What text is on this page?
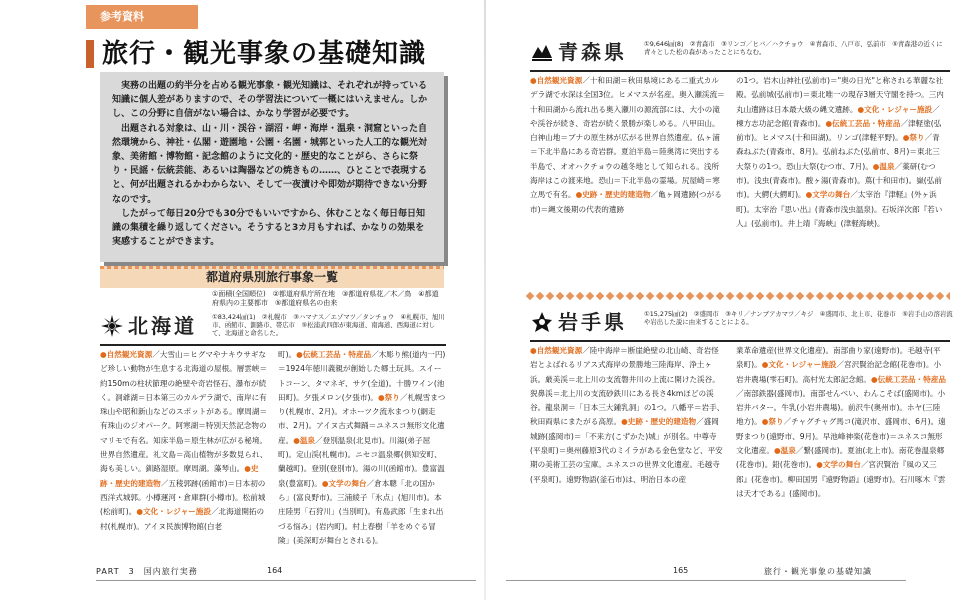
参考資料
旅行・観光事象の基礎知識

実務の出題の約半分を占める観光事象・観光知識は、それぞれが持っている知識に個人差がありますので、その学習法について一概にはいえません。しかし、この分野に自信がない場合は、かなり学習が必要です。

出題される対象は、山・川・渓谷・湖沼・岬・海岸・温泉・洞窟といった自然環境から、神社・仏閣・遊園地・公園・名園・城郭といった人工的な観光対象、美術館・博物館・記念館のように文化的・歴史的なことがら、さらに祭り・民謡・伝統芸能、あるいは陶器などの焼きもの……、ひとことで表現すると、何が出題されるかわからない、そして一夜漬けや即効が期待できない分野なのです。

したがって毎日20分でも30分でもいいですから、休むことなく毎日毎日知識の集積を繰り返してください。そうすると3カ月もすれば、かなりの効果を実感することができます。

都道府県別旅行事象一覧
①面積(全国順位)　②都道府県庁所在地　③都道府県花／木／鳥　④都道府県内の主要都市　⑤都道府県名の由来
北海道 ①83,424㎢(1)　②札幌市　③ハマナス／エゾマツ／タンチョウ　④札幌市、旭川市、函館市、釧路市、帯広市　⑤松浦武四郎が東海道、南海道、西海道に対して、北海道と命名した。
●自然観光資源／大雪山＝ヒグマやナキウサギなど珍しい動物が生息する北海道の屋根。層雲峡＝約150mの柱状節理の絶壁や奇岩怪石、瀑布が続く。洞爺湖＝日本第三のカルデラ湖で、南岸に有珠山や昭和新山などのスポットがある。摩周湖＝有珠山のジオパーク。阿寒湖＝特別天然記念物のマリモで有名。知床半島＝原生林が広がる秘境。世界自然遺産。礼文島＝高山植物が多数見られ、海も美しい。釧路湿原。摩周湖。藻琴山。●史跡・歴史的建造物／五稜郭跡(函館市)＝日本初の西洋式城郭。小樽運河・倉庫群(小樽市)。松前城(松前町)。●文化・レジャー施設／北海道開拓の村(札幌市)。アイヌ民族博物館(白老
町)。●伝統工芸品・特産品／木彫り熊(道内一円)＝1924年徳川義親が創始した郷土玩具。スイートコーン、タマネギ、サケ(全道)。十勝ワイン(池田町)。夕張メロン(夕張市)。●祭り／札幌雪まつり(札幌市、2月)。オホーツク流氷まつり(網走市、2月)。アイヌ古式舞踊＝ユネスコ無形文化遺産。●温泉／登別温泉(北見市)。川湯(弟子屈町)。定山渓(札幌市)。ニセコ温泉郷(倶知安町、蘭越町)。登別(登別市)。湯の川(函館市)。豊富温泉(豊富町)。●文学の舞台／倉本聰「北の国から」(富良野市)。三浦綾子「氷点」(旭川市)。本庄陸男「石狩川」(当別町)。有島武郎「生まれ出づる悩み」(岩内町)。村上春樹「羊をめぐる冒険」(美深町が舞台とされる)。
PART　3　国内旅行実務	164
青森県	①9,646㎢(8)　②青森市　③リンゴ／ヒバ／ハクチョウ　④青森市、八戸市、弘前市　⑤青森港の近くに青々とした松の森があったことにちなむ。
●自然観光資源／十和田湖＝秋田県境にある二重式カルデラ湖で水深は全国3位。ヒメマスが名産。奥入瀬渓流＝十和田湖から流れ出る奥入瀬川の源流部には、大小の滝や渓谷が続き、奇岩が続く景勝が楽しめる。八甲田山。白神山地＝ブナの原生林が広がる世界自然遺産。仏ヶ浦＝下北半島にある奇岩群。夏泊半島＝陸奥湾に突出する半島で、オオハクチョウの越冬地として知られる。浅所海岸はこの渡来地。恐山＝下北半島の霊場。尻屋崎＝寒立馬で有名。●史跡・歴史的建造物／亀ヶ岡遺跡(つがる市)＝縄文後期の代表的遺跡
の1つ。岩木山神社(弘前市)＝"奥の日光"と称される華麗な社殿。弘前城(弘前市)＝東北唯一の現存3層天守閣を持つ。三内丸山遺跡は日本最大級の縄文遺跡。●文化・レジャー施設／棟方志功記念館(青森市)。●伝統工芸品・特産品／津軽塗(弘前市)。ヒメマス(十和田湖)。リンゴ(津軽平野)。●祭り／青森ねぶた(青森市、8月)。弘前ねぶた(弘前市、8月)＝東北三大祭りの1つ。恐山大祭(むつ市、7月)。●温泉／薬研(むつ市)。浅虫(青森市)。酸ヶ湯(青森市)。蔦(十和田市)。嶽(弘前市)。大鰐(大鰐町)。●文学の舞台／太宰治『津軽』(外ヶ浜町)。太宰治『思い出』(青森市浅虫温泉)。石坂洋次郎『若い人』(弘前市)。井上靖『海峡』(津軽海峡)。
岩手県	①15,275㎢(2)　②盛岡市　③キリ／ナンブアカマツ／キジ　④盛岡市、北上市、花巻市　⑤岩手山の溶岩流や岩出した説に由来することによる。
●自然観光資源／陸中海岸＝断崖絶壁の北山崎、奇岩怪岩とよばれるリアス式海岸の景勝地三陸海岸、浄土ヶ浜。厳美渓＝北上川の支流磐井川の上流に開けた渓谷。猊鼻渓＝北上川の支流砂鉄川にある長さ4kmほどの渓谷。龍泉洞＝「日本三大鍾乳洞」の1つ。八幡平＝岩手、秋田両県にまたがる高原。●史跡・歴史的建造物／盛岡城跡(盛岡市)＝「不来方(こずかた)城」が別名。中尊寺(平泉町)＝奥州藤原3代のミイラがある金色堂など、平安期の美術工芸の宝庫。ユネスコの世界文化遺産。毛越寺(平泉町)。遠野物語(釜石市)は、明治日本の産
業革命遺産(世界文化遺産)。南部曲り家(遠野市)。毛越寺(平泉町)。●文化・レジャー施設／宮沢賢治記念館(花巻市)。小岩井農場(雫石町)。高村光太郎記念館。●伝統工芸品・特産品／南部鉄器(盛岡市)。南部せんべい、わんこそば(盛岡市)。小岩井バター。牛乳(小岩井農場)。前沢牛(奥州市)。ホヤ(三陸地方)。●祭り／チャグチャグ馬コ(滝沢市、盛岡市、6月)。遠野まつり(遠野市、9月)。早池峰神楽(花巻市)＝ユネスコ無形文化遺産。●温泉／繋(盛岡市)。夏油(北上市)。南花巻温泉郷(花巻市)。鉛(花巻市)。●文学の舞台／宮沢賢治『風の又三郎』(花巻市)。柳田国男『遠野物語』(遠野市)。石川啄木『雲は天才である』(盛岡市)。
165	旅行・観光事象の基礎知識
